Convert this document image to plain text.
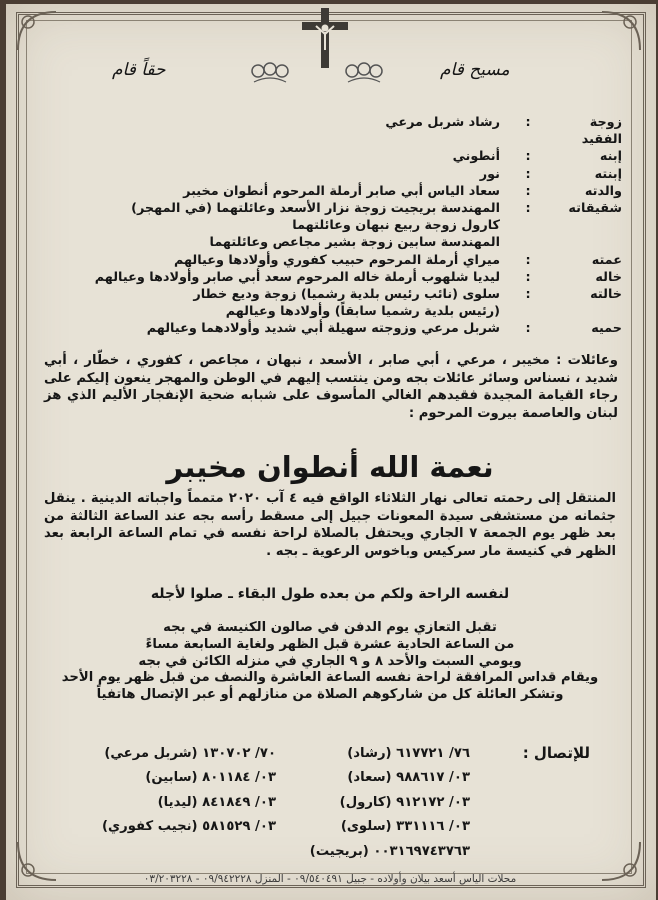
مسيح قام
حقاً قام
زوجة الفقيد
:
رشاد شربل مرعي
إبنه
:
أنطوني
إبنته
:
نور
والدته
:
سعاد الياس أبي صابر أرملة المرحوم أنطوان مخيبر
شقيقاته
:
المهندسة بريجيت زوجة نزار الأسعد وعائلتهما (في المهجر)
كارول زوجة ربيع نبهان وعائلتهما
المهندسة سابين زوجة بشير مجاعص وعائلتهما
عمته
:
ميراي أرملة المرحوم حبيب كفوري وأولادها وعيالهم
خاله
:
ليديا شلهوب أرملة خاله المرحوم سعد أبي صابر وأولادها وعيالهم
خالته
:
سلوى (نائب رئيس بلدية رشميا) زوجة وديع خطار
(رئيس بلدية رشميا سابقاً) وأولادها وعيالهم
حميه
:
شربل مرعي وزوجته سهيلة أبي شديد وأولادهما وعيالهم
وعائلات : مخيبر ، مرعي ، أبي صابر ، الأسعد ، نبهان ، مجاعص ، كفوري ، خطّار ، أبي شديد ، نسناس وسائر عائلات بجه ومن ينتسب إليهم في الوطن والمهجر ينعون إليكم على رجاء القيامة المجيدة فقيدهم الغالي المأسوف على شبابه ضحية الإنفجار الأليم الذي هز لبنان والعاصمة بيروت المرحوم :
نعمة الله أنطوان مخيبر
المنتقل إلى رحمته تعالى نهار الثلاثاء الواقع فيه ٤ آب ٢٠٢٠ متمماً واجباته الدينية . ينقل جثمانه من مستشفى سيدة المعونات جبيل إلى مسقط رأسه بجه عند الساعة الثالثة من بعد ظهر يوم الجمعة ٧ الجاري ويحتفل بالصلاة لراحة نفسه في تمام الساعة الرابعة بعد الظهر في كنيسة مار سركيس وباخوس الرعوية ـ بجه .
لنفسه الراحة ولكم من بعده طول البقاء ـ صلوا لأجله
تقبل التعازي يوم الدفن في صالون الكنيسة في بجه
من الساعة الحادية عشرة قبل الظهر ولغاية السابعة مساءً
ويومي السبت والأحد ٨ و ٩ الجاري في منزله الكائن في بجه
ويقام قداس المرافقة لراحة نفسه الساعة العاشرة والنصف من قبل ظهر يوم الأحد
وتشكر العائلة كل من شاركوهم الصلاة من منازلهم أو عبر الإتصال هاتفياً
للإتصال :
٧٦/ ٦١٧٧٢١ (رشاد)
٠٣/ ٩٨٨٦١٧ (سعاد)
٠٣/ ٩١٢١٧٢ (كارول)
٠٣/ ٣٣١١١٦ (سلوى)
٠٠٣١٦٩٧٤٣٧٦٣ (بريجيت)
٧٠/ ١٣٠٧٠٢ (شربل مرعي)
٠٣/ ٨٠١١٨٤ (سابين)
٠٣/ ٨٤١٨٤٩ (ليديا)
٠٣/ ٥٨١٥٢٩ (نجيب كفوري)
محلات الياس أسعد بيلان وأولاده - جبيل ٠٩/٥٤٠٤٩١ - المنزل ٠٩/٩٤٢٢٢٨ - ٠٣/٢٠٣٢٢٨
